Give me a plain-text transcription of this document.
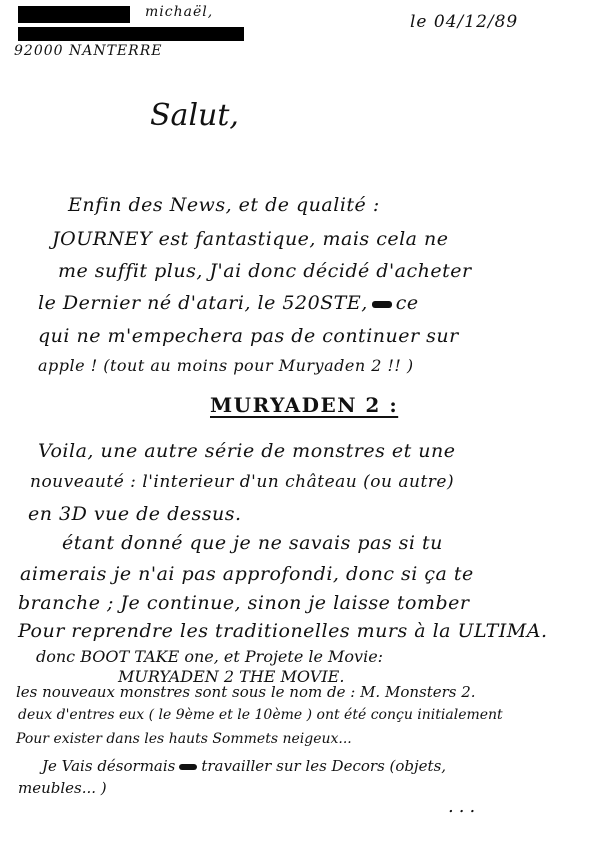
michaël,
92000 NANTERRE
le 04/12/89
Salut,
Enfin des News, et de qualité :
JOURNEY est fantastique, mais cela ne
me suffit plus, J'ai donc décidé d'acheter
le Dernier né d'atari, le 520STE, ce
qui ne m'empechera pas de continuer sur
apple ! (tout au moins pour Muryaden 2 !! )
MURYADEN 2 :
Voila, une autre série de monstres et une
nouveauté : l'interieur d'un château (ou autre)
en 3D vue de dessus.
étant donné que je ne savais pas si tu
aimerais je n'ai pas approfondi, donc si ça te
branche ; Je continue, sinon je laisse tomber
Pour reprendre les traditionelles murs à la ULTIMA.
donc BOOT TAKE one, et Projete le Movie:
MURYADEN 2 THE MOVIE.
les nouveaux monstres sont sous le nom de : M. Monsters 2.
deux d'entres eux ( le 9ème et le 10ème ) ont été conçu initialement
Pour exister dans les hauts Sommets neigeux...
Je Vais désormais travailler sur les Decors (objets,
meubles... )
...
